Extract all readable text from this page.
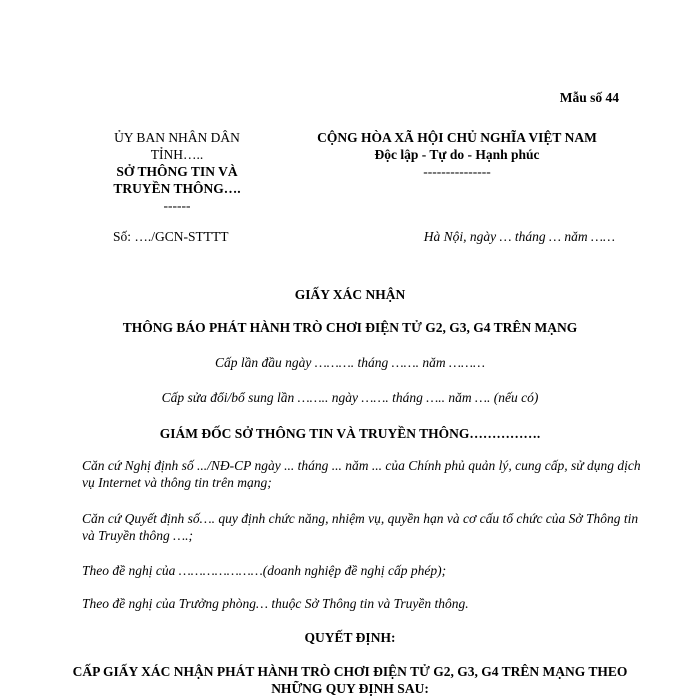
Mẫu số 44
ỦY BAN NHÂN DÂN
TỈNH…..
SỞ THÔNG TIN VÀ
TRUYỀN THÔNG….
------
CỘNG HÒA XÃ HỘI CHỦ NGHĨA VIỆT NAM
Độc lập - Tự do - Hạnh phúc
---------------
Số: …./GCN-STTTT	Hà Nội, ngày … tháng … năm ……
GIẤY XÁC NHẬN
THÔNG BÁO PHÁT HÀNH TRÒ CHƠI ĐIỆN TỬ G2, G3, G4 TRÊN MẠNG
Cấp lần đầu ngày ………. tháng ……. năm ………
Cấp sửa đổi/bổ sung lần …….. ngày ……. tháng ….. năm …. (nếu có)
GIÁM ĐỐC SỞ THÔNG TIN VÀ TRUYỀN THÔNG…………….
Căn cứ Nghị định số .../NĐ-CP ngày ... tháng ... năm ... của Chính phủ quản lý, cung cấp, sử dụng dịch vụ Internet và thông tin trên mạng;
Căn cứ Quyết định số…. quy định chức năng, nhiệm vụ, quyền hạn và cơ cấu tổ chức của Sở Thông tin và Truyền thông ….;
Theo đề nghị của …………………(doanh nghiệp đề nghị cấp phép);
Theo đề nghị của Trưởng phòng… thuộc Sở Thông tin và Truyền thông.
QUYẾT ĐỊNH:
CẤP GIẤY XÁC NHẬN PHÁT HÀNH TRÒ CHƠI ĐIỆN TỬ G2, G3, G4 TRÊN MẠNG THEO NHỮNG QUY ĐỊNH SAU:
